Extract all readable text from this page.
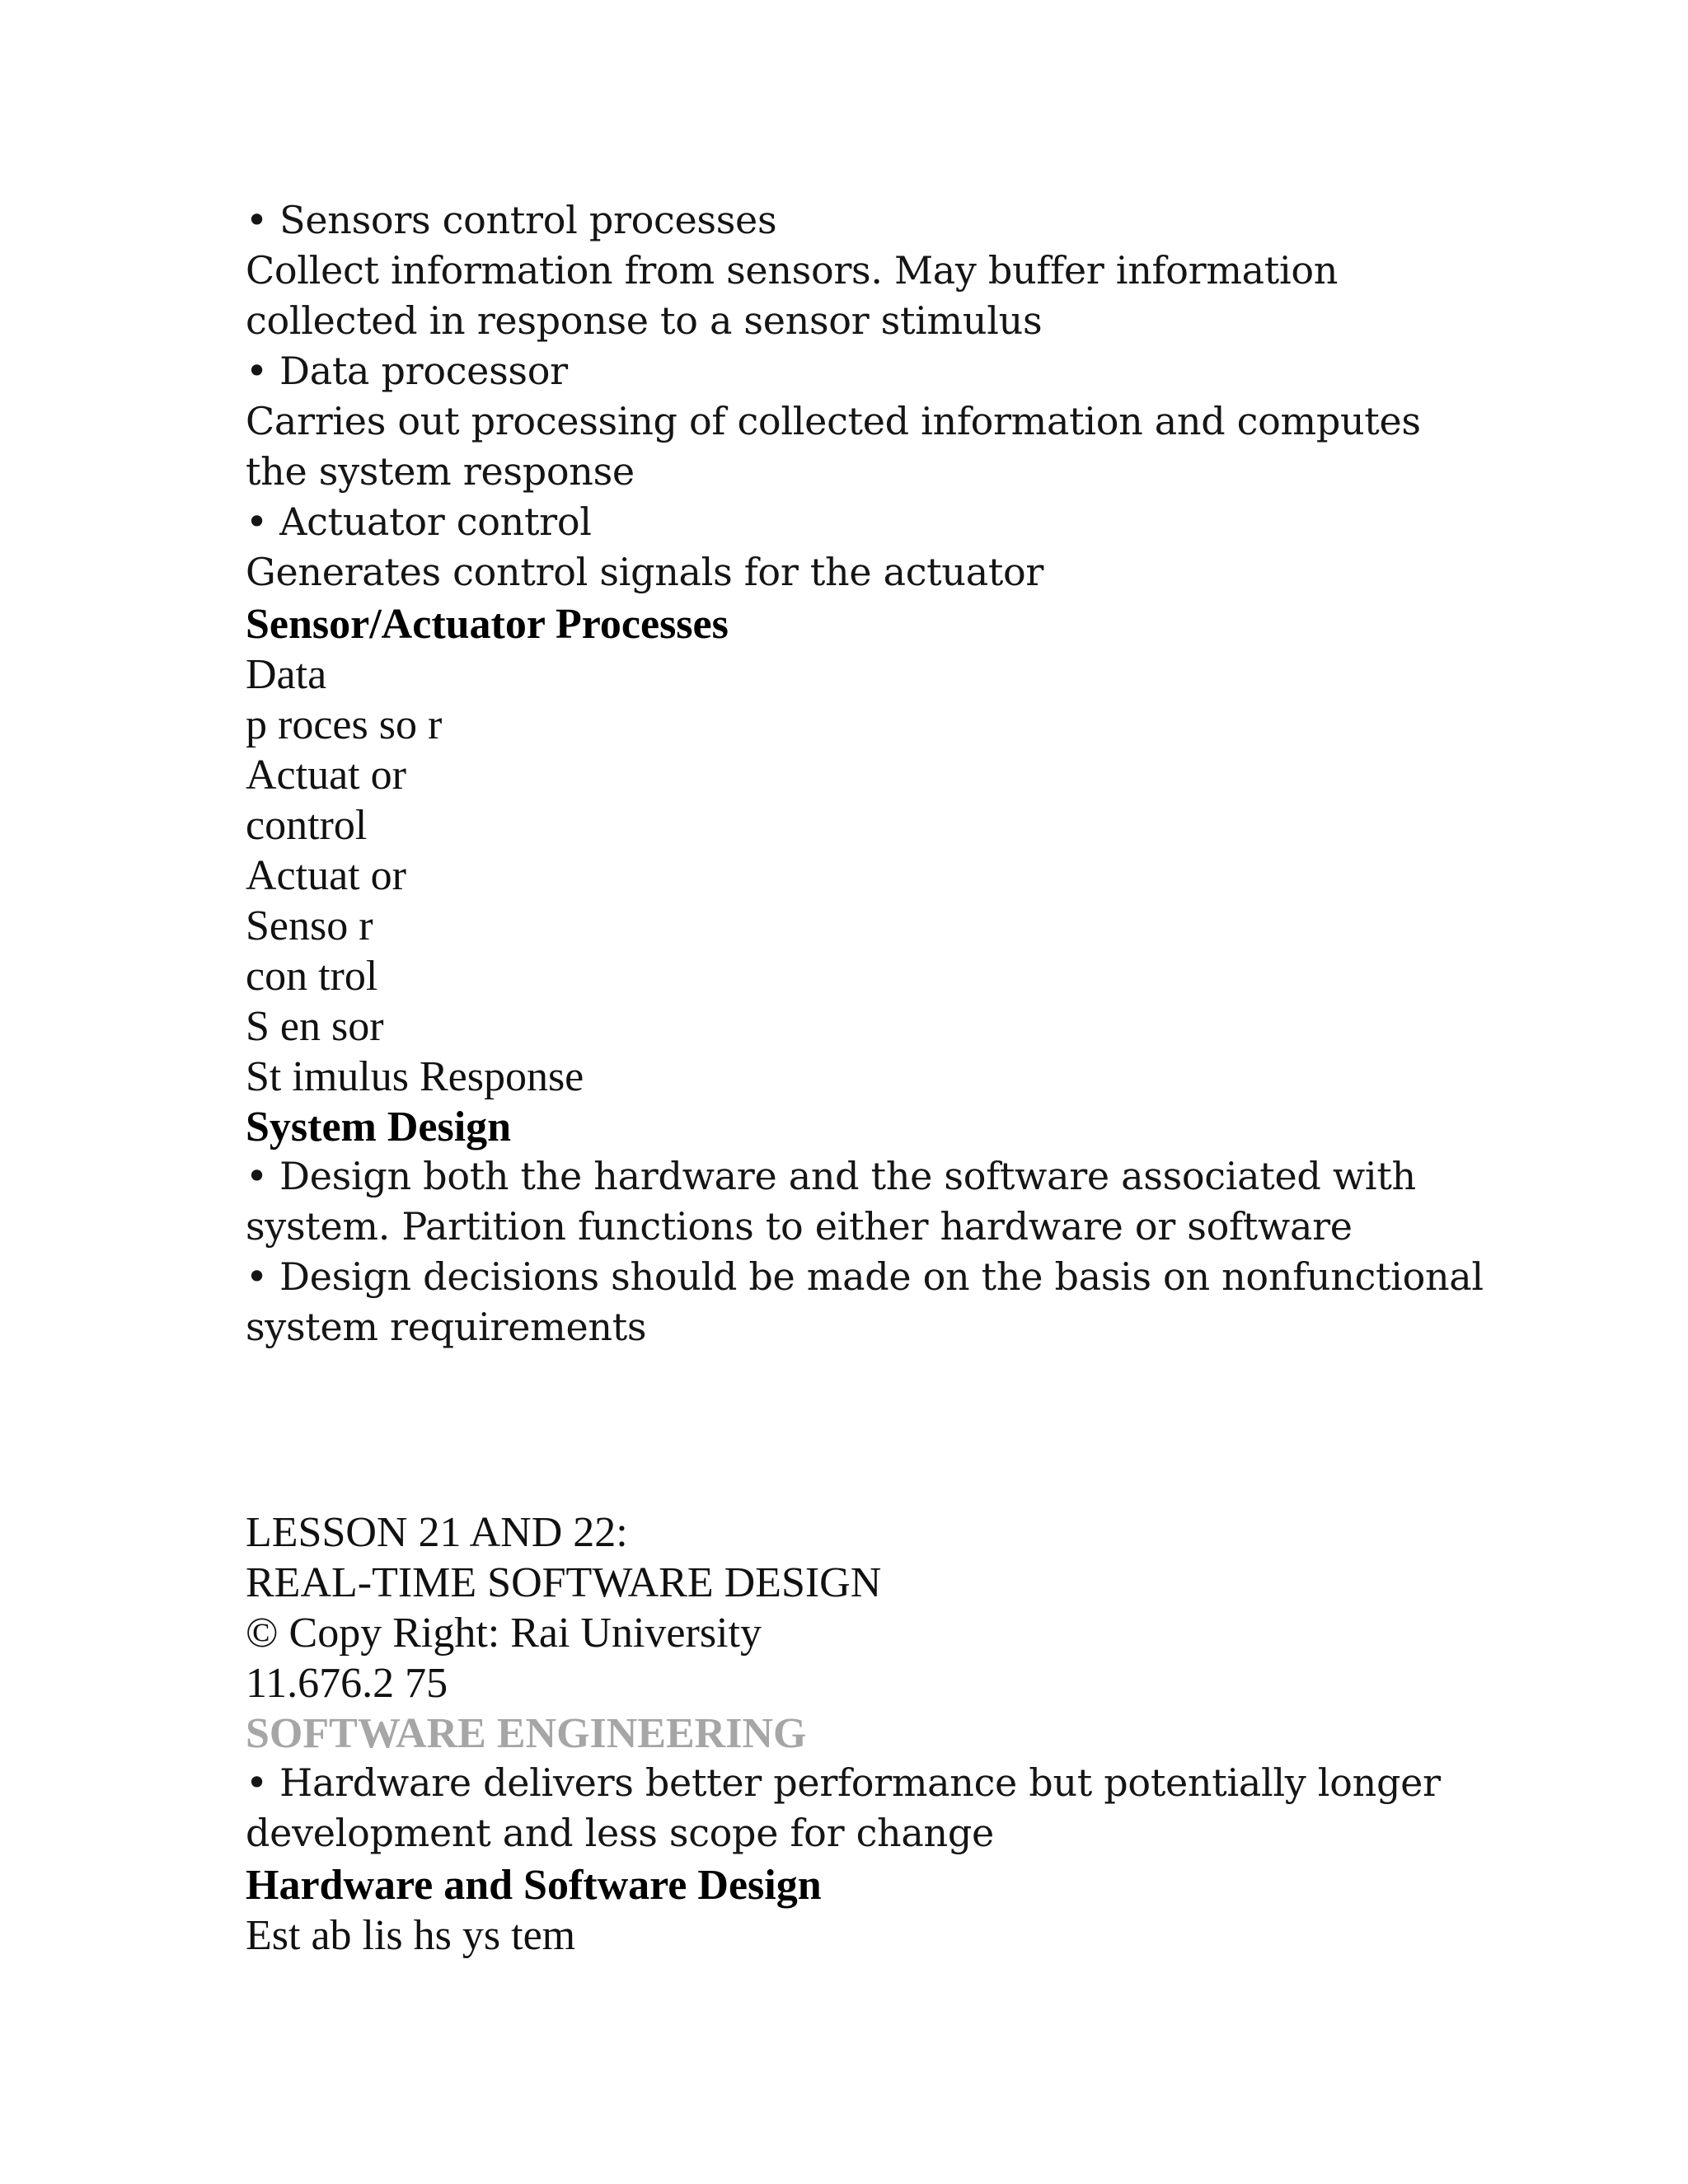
• Sensors control processes
Collect information from sensors. May buffer information
collected in response to a sensor stimulus
• Data processor
Carries out processing of collected information and computes
the system response
• Actuator control
Generates control signals for the actuator
Sensor/Actuator Processes
Data
p roces so r
Actuat or
control
Actuat or
Senso r
con trol
S en sor
St imulus Response
System Design
• Design both the hardware and the software associated with
system. Partition functions to either hardware or software
• Design decisions should be made on the basis on nonfunctional
system requirements
LESSON 21 AND 22:
REAL-TIME SOFTWARE DESIGN
© Copy Right: Rai University
11.676.2 75
SOFTWARE ENGINEERING
• Hardware delivers better performance but potentially longer
development and less scope for change
Hardware and Software Design
Est ab lis hs ys tem
